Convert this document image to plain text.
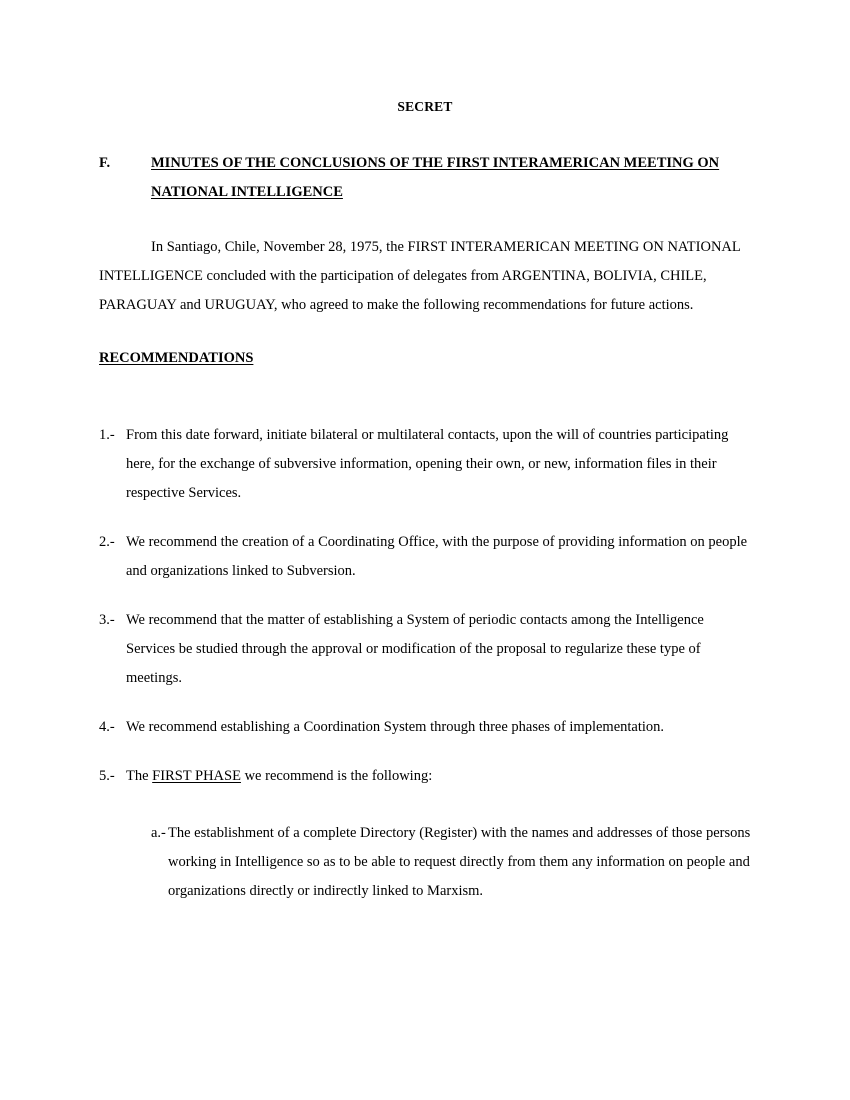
SECRET
F.	MINUTES OF THE CONCLUSIONS OF THE FIRST INTERAMERICAN MEETING ON NATIONAL INTELLIGENCE

In Santiago, Chile, November 28, 1975, the FIRST INTERAMERICAN MEETING ON NATIONAL INTELLIGENCE concluded with the participation of delegates from ARGENTINA, BOLIVIA, CHILE, PARAGUAY and URUGUAY, who agreed to make the following recommendations for future actions.

RECOMMENDATIONS
1.- From this date forward, initiate bilateral or multilateral contacts, upon the will of countries participating here, for the exchange of subversive information, opening their own, or new, information files in their respective Services.
2.- We recommend the creation of a Coordinating Office, with the purpose of providing information on people and organizations linked to Subversion.
3.- We recommend that the matter of establishing a System of periodic contacts among the Intelligence Services be studied through the approval or modification of the proposal to regularize these type of meetings.
4.- We recommend establishing a Coordination System through three phases of implementation.
5.- The FIRST PHASE we recommend is the following:
a.- The establishment of a complete Directory (Register) with the names and addresses of those persons working in Intelligence so as to be able to request directly from them any information on people and organizations directly or indirectly linked to Marxism.
